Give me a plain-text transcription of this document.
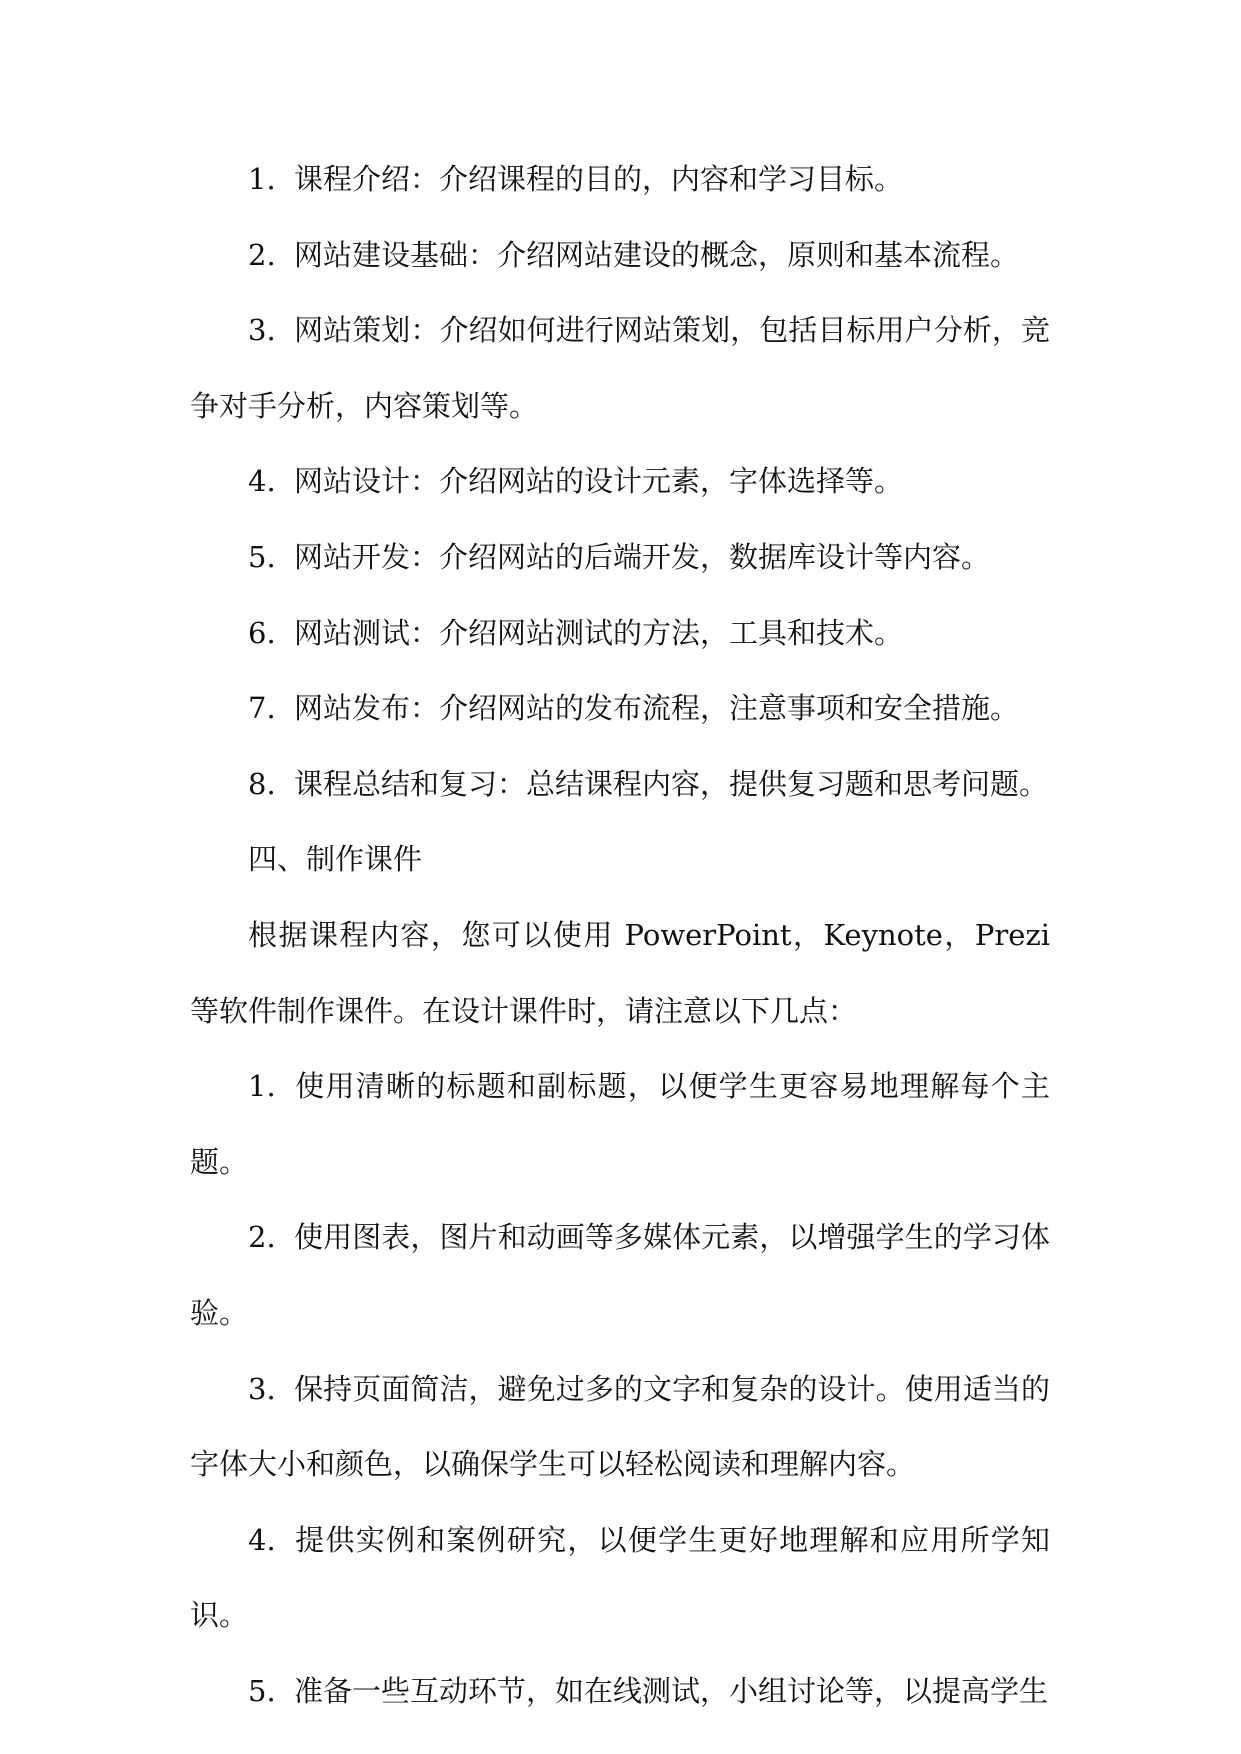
1. 课程介绍：介绍课程的目的，内容和学习目标。

2. 网站建设基础：介绍网站建设的概念，原则和基本流程。

3. 网站策划：介绍如何进行网站策划，包括目标用户分析，竞争对手分析，内容策划等。

4. 网站设计：介绍网站的设计元素，字体选择等。

5. 网站开发：介绍网站的后端开发，数据库设计等内容。

6. 网站测试：介绍网站测试的方法，工具和技术。

7. 网站发布：介绍网站的发布流程，注意事项和安全措施。

8. 课程总结和复习：总结课程内容，提供复习题和思考问题。

四、制作课件

根据课程内容，您可以使用 PowerPoint，Keynote，Prezi 等软件制作课件。在设计课件时，请注意以下几点：

1. 使用清晰的标题和副标题，以便学生更容易地理解每个主题。

2. 使用图表，图片和动画等多媒体元素，以增强学生的学习体验。

3. 保持页面简洁，避免过多的文字和复杂的设计。使用适当的字体大小和颜色，以确保学生可以轻松阅读和理解内容。

4. 提供实例和案例研究，以便学生更好地理解和应用所学知识。

5. 准备一些互动环节，如在线测试，小组讨论等，以提高学生
